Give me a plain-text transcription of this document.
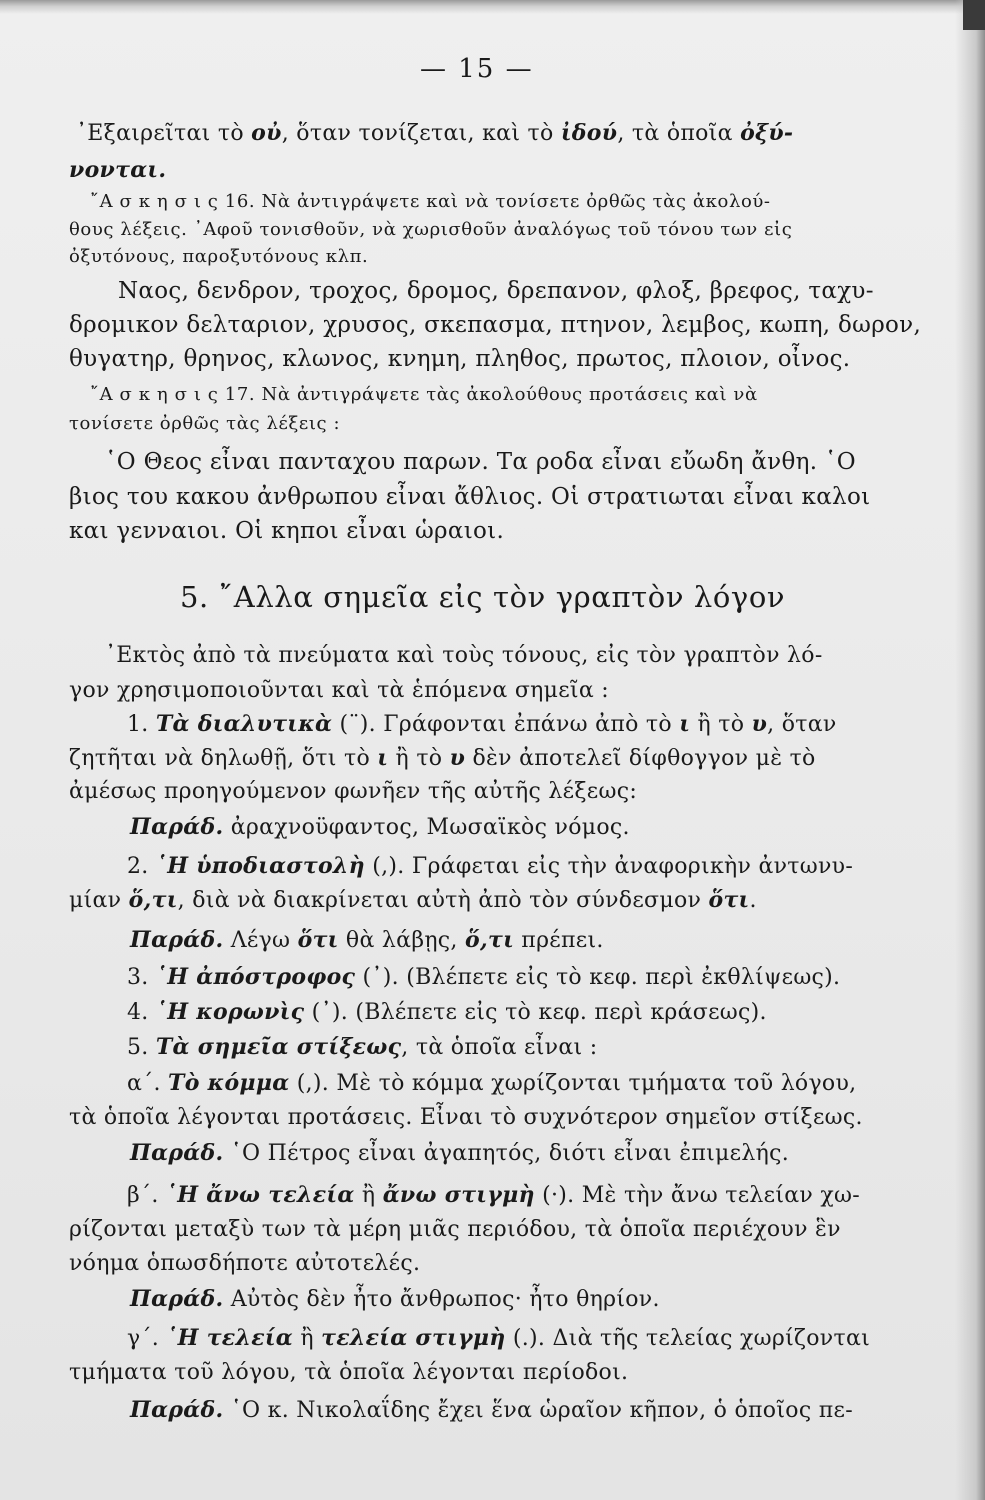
— 15 —
᾿Εξαιρεῖται τὸ οὐ, ὅταν τονίζεται, καὶ τὸ ἰδού, τὰ ὁποῖα ὀξύ-
νονται.
῎Α σ κ η σ ι ς 16. Νὰ ἀντιγράψετε καὶ νὰ τονίσετε ὀρθῶς τὰς ἀκολού-
θους λέξεις. ᾿Αφοῦ τονισθοῦν, νὰ χωρισθοῦν ἀναλόγως τοῦ τόνου των εἰς
ὀξυτόνους, παροξυτόνους κλπ.
Ναος, δενδρον, τροχος, δρομος, δρεπανον, φλοξ, βρεφος, ταχυ-
δρομικον δελταριον, χρυσος, σκεπασμα, πτηνον, λεμβος, κωπη, δωρον,
θυγατηρ, θρηνος, κλωνος, κνημη, πληθος, πρωτος, πλοιον, οἶνος.
῎Α σ κ η σ ι ς 17. Νὰ ἀντιγράψετε τὰς ἀκολούθους προτάσεις καὶ νὰ
τονίσετε ὀρθῶς τὰς λέξεις :
῾Ο Θεος εἶναι πανταχου παρων. Τα ροδα εἶναι εὔωδη ἄνθη. ῾Ο
βιος του κακου ἀνθρωπου εἶναι ἄθλιος. Οἱ στρατιωται εἶναι καλοι
και γενναιοι. Οἱ κηποι εἶναι ὡραιοι.
5. ῎Αλλα σημεῖα εἰς τὸν γραπτὸν λόγον
᾿Εκτὸς ἀπὸ τὰ πνεύματα καὶ τοὺς τόνους, εἰς τὸν γραπτὸν λό-
γον χρησιμοποιοῦνται καὶ τὰ ἑπόμενα σημεῖα :
1. Τὰ διαλυτικὰ (¨). Γράφονται ἐπάνω ἀπὸ τὸ ι ἢ τὸ υ, ὅταν
ζητῆται νὰ δηλωθῇ, ὅτι τὸ ι ἢ τὸ υ δὲν ἀποτελεῖ δίφθογγον μὲ τὸ
ἀμέσως προηγούμενον φωνῆεν τῆς αὐτῆς λέξεως:
Παράδ. ἀραχνοϋφαντος, Μωσαϊκὸς νόμος.
2. ῾Η ὑποδιαστολὴ (,). Γράφεται εἰς τὴν ἀναφορικὴν ἀντωνυ-
μίαν ὅ,τι, διὰ νὰ διακρίνεται αὐτὴ ἀπὸ τὸν σύνδεσμον ὅτι.
Παράδ. Λέγω ὅτι θὰ λάβῃς, ὅ,τι πρέπει.
3. ῾Η ἀπόστροφος (᾿). (Βλέπετε εἰς τὸ κεφ. περὶ ἐκθλίψεως).
4. ῾Η κορωνὶς (᾿). (Βλέπετε εἰς τὸ κεφ. περὶ κράσεως).
5. Τὰ σημεῖα στίξεως, τὰ ὁποῖα εἶναι :
α΄. Τὸ κόμμα (,). Μὲ τὸ κόμμα χωρίζονται τμήματα τοῦ λόγου,
τὰ ὁποῖα λέγονται προτάσεις. Εἶναι τὸ συχνότερον σημεῖον στίξεως.
Παράδ. ῾Ο Πέτρος εἶναι ἀγαπητός, διότι εἶναι ἐπιμελής.
β΄. ῾Η ἄνω τελεία ἢ ἄνω στιγμὴ (·). Μὲ τὴν ἄνω τελείαν χω-
ρίζονται μεταξὺ των τὰ μέρη μιᾶς περιόδου, τὰ ὁποῖα περιέχουν ἓν
νόημα ὁπωσδήποτε αὐτοτελές.
Παράδ. Αὐτὸς δὲν ἦτο ἄνθρωπος· ἦτο θηρίον.
γ΄. ῾Η τελεία ἢ τελεία στιγμὴ (.). Διὰ τῆς τελείας χωρίζονται
τμήματα τοῦ λόγου, τὰ ὁποῖα λέγονται περίοδοι.
Παράδ. ῾Ο κ. Νικολαΐδης ἔχει ἕνα ὡραῖον κῆπον, ὁ ὁποῖος πε-
